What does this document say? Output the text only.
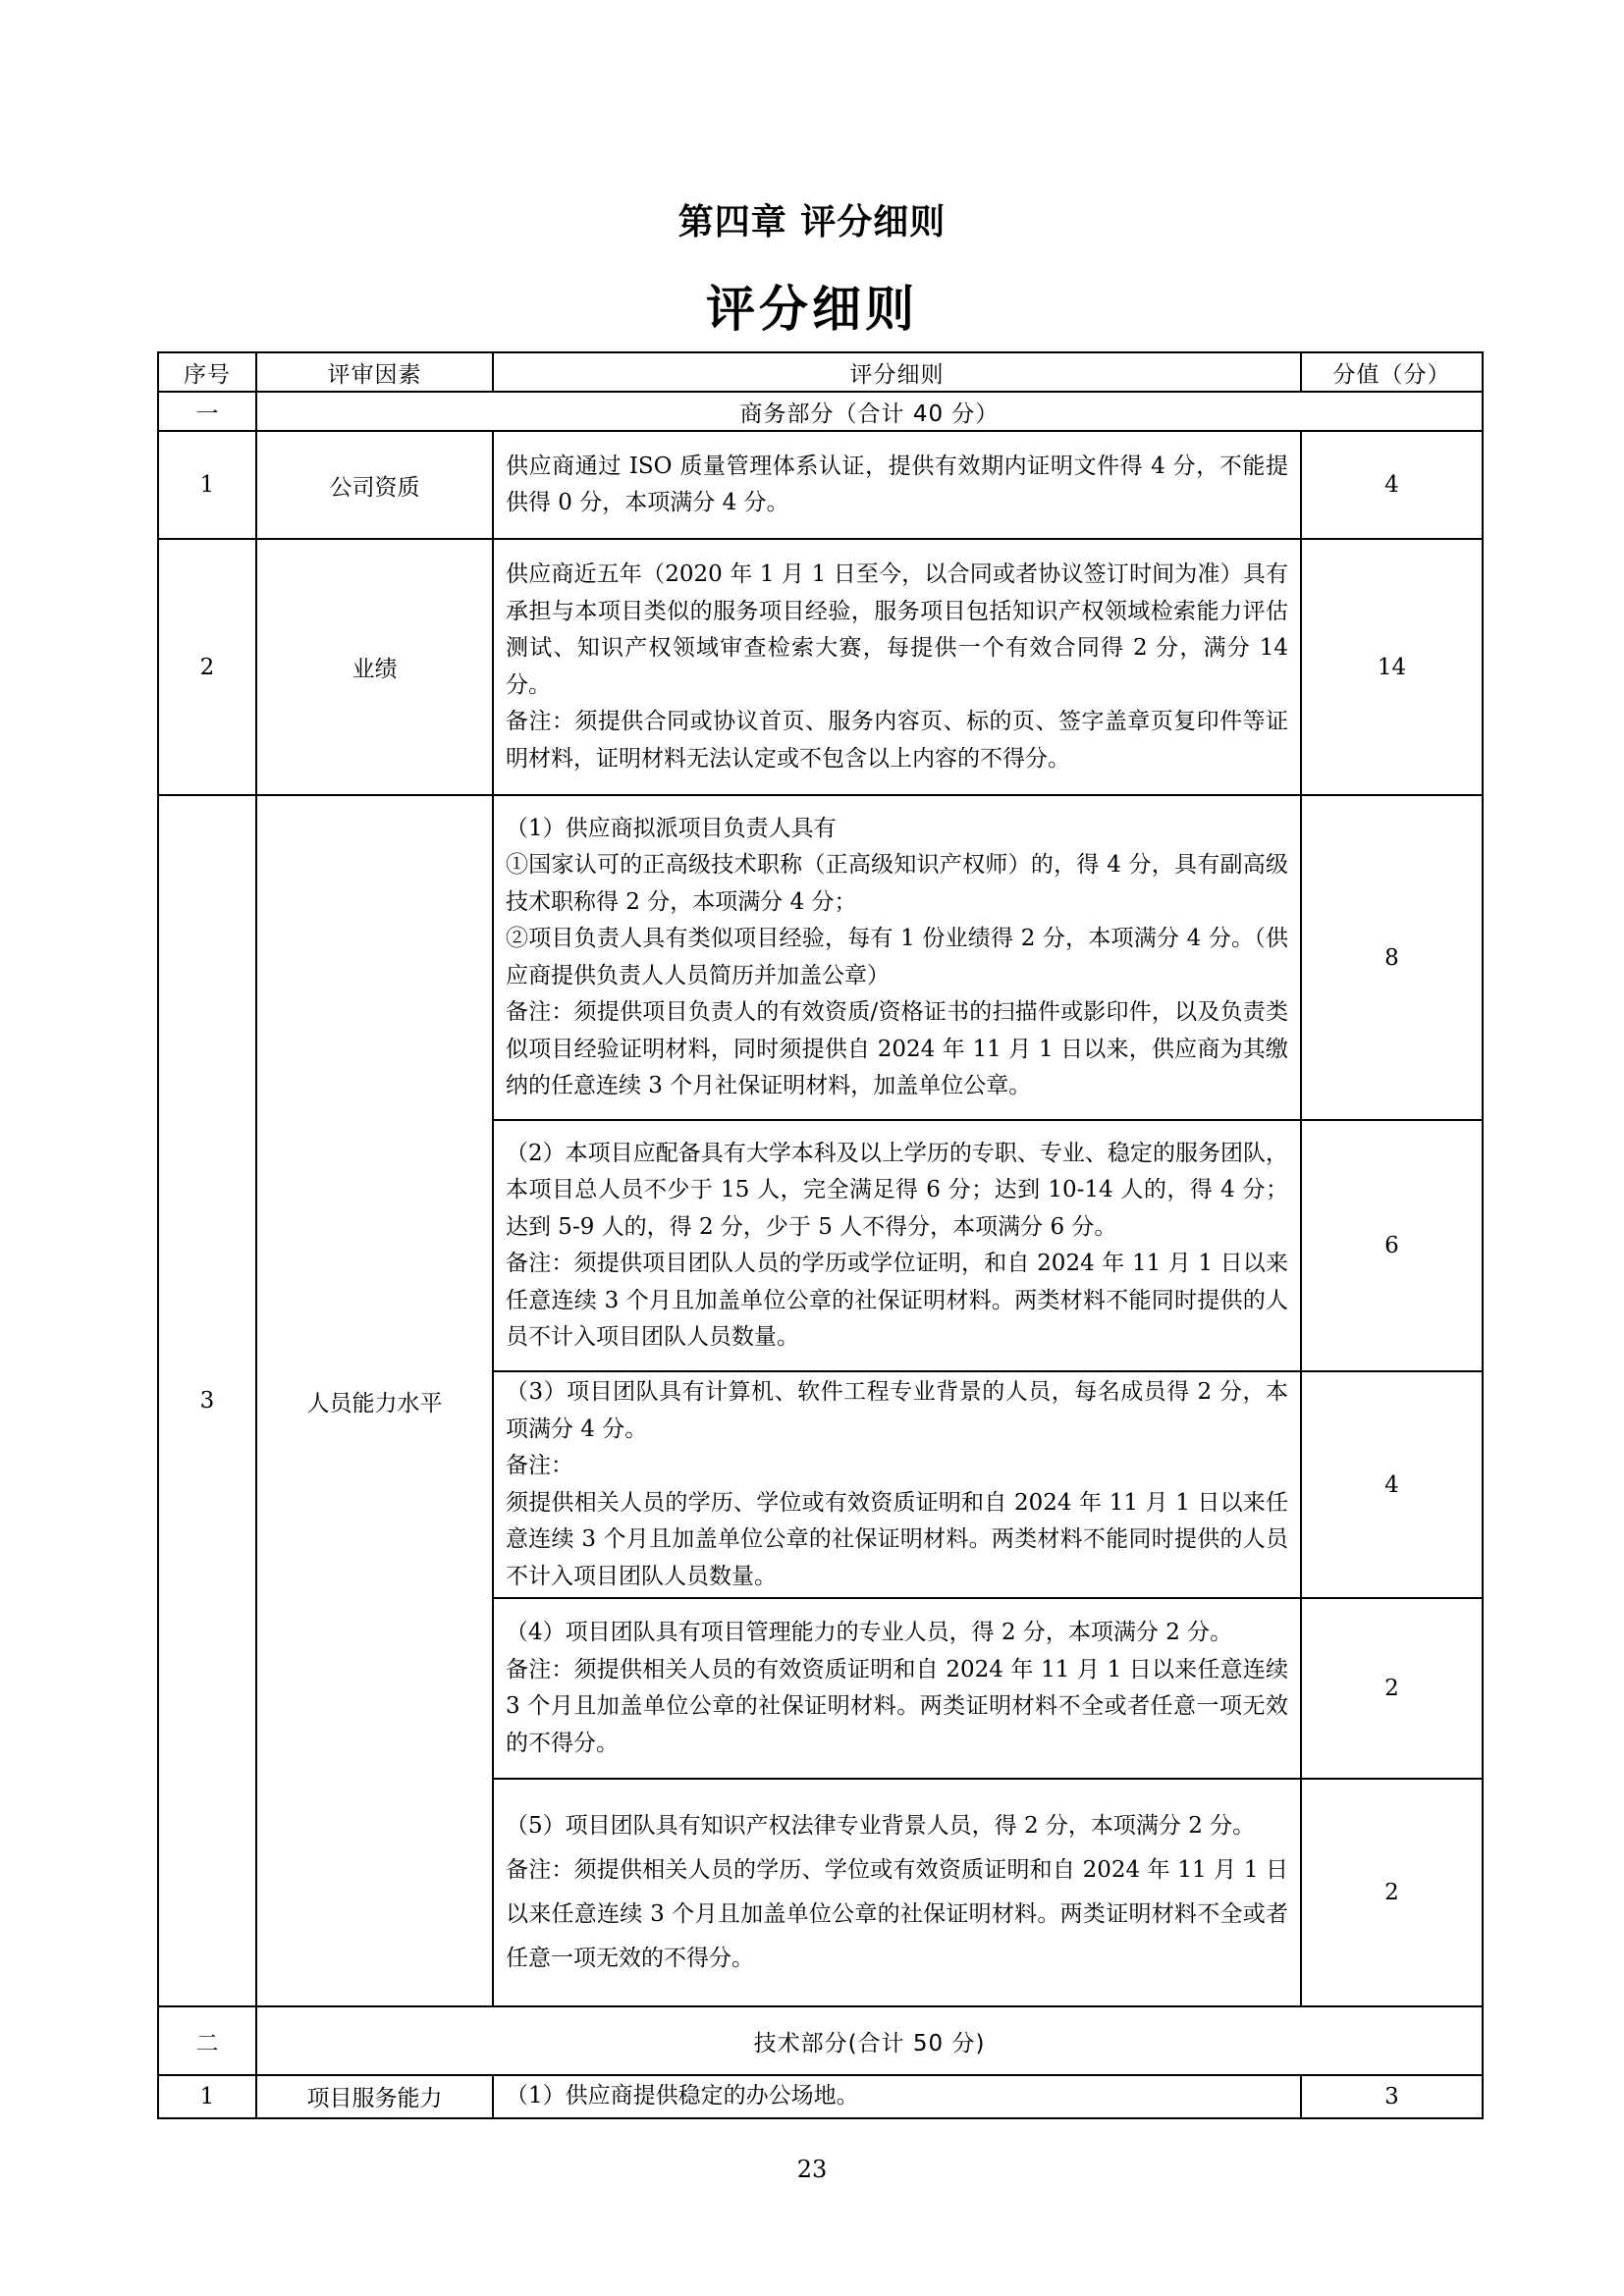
第四章 评分细则
评分细则
序号	评审因素	评分细则	分值（分）
一	商务部分（合计 40 分）		
1	公司资质	供应商通过 ISO 质量管理体系认证，提供有效期内证明文件得 4 分，不能提供得 0 分，本项满分 4 分。	4
2	业绩	供应商近五年（2020 年 1 月 1 日至今，以合同或者协议签订时间为准）具有承担与本项目类似的服务项目经验，服务项目包括知识产权领域检索能力评估测试、知识产权领域审查检索大赛，每提供一个有效合同得 2 分，满分 14 分。

备注：须提供合同或协议首页、服务内容页、标的页、签字盖章页复印件等证明材料，证明材料无法认定或不包含以上内容的不得分。	14
3	人员能力水平	（1）供应商拟派项目负责人具有

①国家认可的正高级技术职称（正高级知识产权师）的，得 4 分，具有副高级技术职称得 2 分，本项满分 4 分；

②项目负责人具有类似项目经验，每有 1 份业绩得 2 分，本项满分 4 分。（供应商提供负责人人员简历并加盖公章）

备注：须提供项目负责人的有效资质/资格证书的扫描件或影印件，以及负责类似项目经验证明材料，同时须提供自 2024 年 11 月 1 日以来，供应商为其缴纳的任意连续 3 个月社保证明材料，加盖单位公章。	8

		（2）本项目应配备具有大学本科及以上学历的专职、专业、稳定的服务团队，本项目总人员不少于 15 人，完全满足得 6 分；达到 10-14 人的，得 4 分；达到 5-9 人的，得 2 分，少于 5 人不得分，本项满分 6 分。

备注：须提供项目团队人员的学历或学位证明，和自 2024 年 11 月 1 日以来任意连续 3 个月且加盖单位公章的社保证明材料。两类材料不能同时提供的人员不计入项目团队人员数量。	6

		（3）项目团队具有计算机、软件工程专业背景的人员，每名成员得 2 分，本项满分 4 分。

备注：

须提供相关人员的学历、学位或有效资质证明和自 2024 年 11 月 1 日以来任意连续 3 个月且加盖单位公章的社保证明材料。两类材料不能同时提供的人员不计入项目团队人员数量。	4

		（4）项目团队具有项目管理能力的专业人员，得 2 分，本项满分 2 分。

备注：须提供相关人员的有效资质证明和自 2024 年 11 月 1 日以来任意连续 3 个月且加盖单位公章的社保证明材料。两类证明材料不全或者任意一项无效的不得分。	2

		（5）项目团队具有知识产权法律专业背景人员，得 2 分，本项满分 2 分。

备注：须提供相关人员的学历、学位或有效资质证明和自 2024 年 11 月 1 日以来任意连续 3 个月且加盖单位公章的社保证明材料。两类证明材料不全或者任意一项无效的不得分。	2
二	技术部分(合计 50 分)		
1	项目服务能力	（1）供应商提供稳定的办公场地。	3
23
